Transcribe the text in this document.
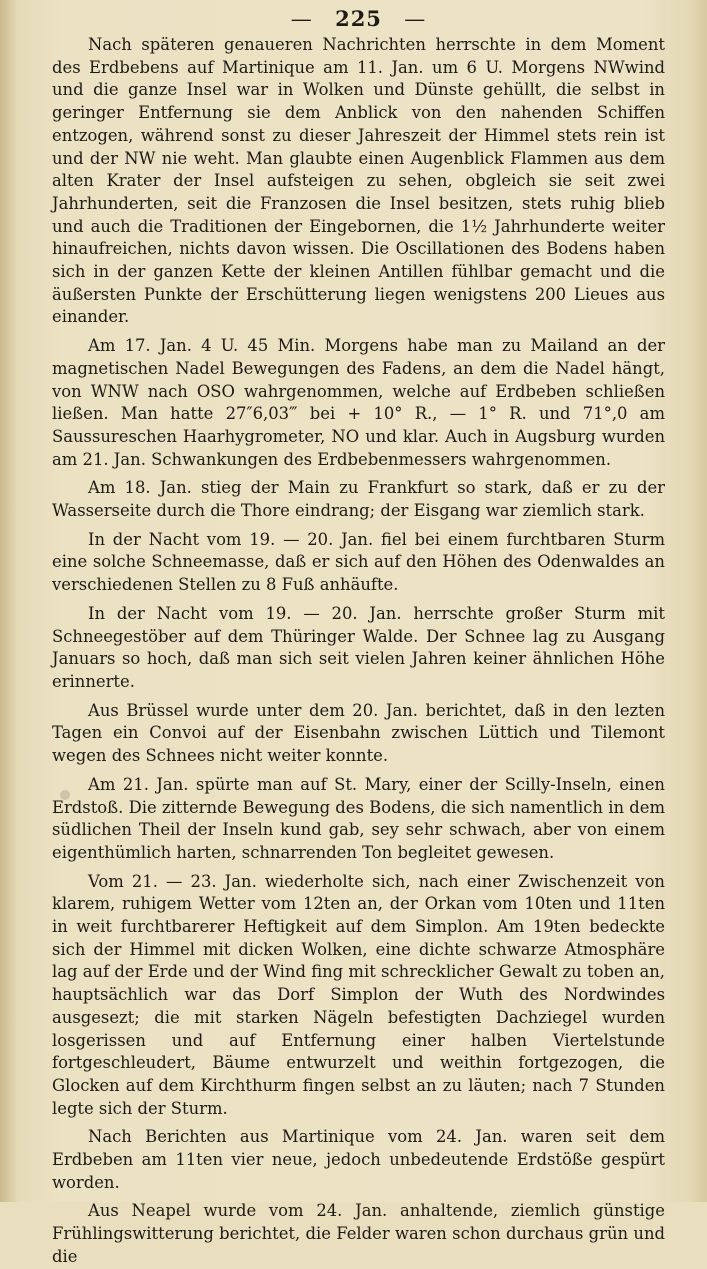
— 225 —

Nach späteren genaueren Nachrichten herrschte in dem Moment des Erdbebens auf Martinique am 11. Jan. um 6 U. Morgens NWwind und die ganze Insel war in Wolken und Dünste gehüllt, die selbst in geringer Entfernung sie dem Anblick von den nahenden Schiffen entzogen, während sonst zu dieser Jahreszeit der Himmel stets rein ist und der NW nie weht. Man glaubte einen Augenblick Flammen aus dem alten Krater der Insel aufsteigen zu sehen, obgleich sie seit zwei Jahrhunderten, seit die Franzosen die Insel besitzen, stets ruhig blieb und auch die Traditionen der Eingebornen, die 1½ Jahrhunderte weiter hinaufreichen, nichts davon wissen. Die Oscillationen des Bodens haben sich in der ganzen Kette der kleinen Antillen fühlbar gemacht und die äußersten Punkte der Erschütterung liegen wenigstens 200 Lieues aus einander.

Am 17. Jan. 4 U. 45 Min. Morgens habe man zu Mailand an der magnetischen Nadel Bewegungen des Fadens, an dem die Nadel hängt, von WNW nach OSO wahrgenommen, welche auf Erdbeben schließen ließen. Man hatte 27″6,03‴ bei + 10° R., — 1° R. und 71°,0 am Saussureschen Haarhygrometer, NO und klar. Auch in Augsburg wurden am 21. Jan. Schwankungen des Erdbebenmessers wahrgenommen.

Am 18. Jan. stieg der Main zu Frankfurt so stark, daß er zu der Wasserseite durch die Thore eindrang; der Eisgang war ziemlich stark.

In der Nacht vom 19. — 20. Jan. fiel bei einem furchtbaren Sturm eine solche Schneemasse, daß er sich auf den Höhen des Odenwaldes an verschiedenen Stellen zu 8 Fuß anhäufte.

In der Nacht vom 19. — 20. Jan. herrschte großer Sturm mit Schneegestöber auf dem Thüringer Walde. Der Schnee lag zu Ausgang Januars so hoch, daß man sich seit vielen Jahren keiner ähnlichen Höhe erinnerte.

Aus Brüssel wurde unter dem 20. Jan. berichtet, daß in den lezten Tagen ein Convoi auf der Eisenbahn zwischen Lüttich und Tilemont wegen des Schnees nicht weiter konnte.

Am 21. Jan. spürte man auf St. Mary, einer der Scilly-Inseln, einen Erdstoß. Die zitternde Bewegung des Bodens, die sich namentlich in dem südlichen Theil der Inseln kund gab, sey sehr schwach, aber von einem eigenthümlich harten, schnarrenden Ton begleitet gewesen.

Vom 21. — 23. Jan. wiederholte sich, nach einer Zwischenzeit von klarem, ruhigem Wetter vom 12ten an, der Orkan vom 10ten und 11ten in weit furchtbarerer Heftigkeit auf dem Simplon. Am 19ten bedeckte sich der Himmel mit dicken Wolken, eine dichte schwarze Atmosphäre lag auf der Erde und der Wind fing mit schrecklicher Gewalt zu toben an, hauptsächlich war das Dorf Simplon der Wuth des Nordwindes ausgesezt; die mit starken Nägeln befestigten Dachziegel wurden losgerissen und auf Entfernung einer halben Viertelstunde fortgeschleudert, Bäume entwurzelt und weithin fortgezogen, die Glocken auf dem Kirchthurm fingen selbst an zu läuten; nach 7 Stunden legte sich der Sturm.

Nach Berichten aus Martinique vom 24. Jan. waren seit dem Erdbeben am 11ten vier neue, jedoch unbedeutende Erdstöße gespürt worden.

Aus Neapel wurde vom 24. Jan. anhaltende, ziemlich günstige Frühlingswitterung berichtet, die Felder waren schon durchaus grün und die
